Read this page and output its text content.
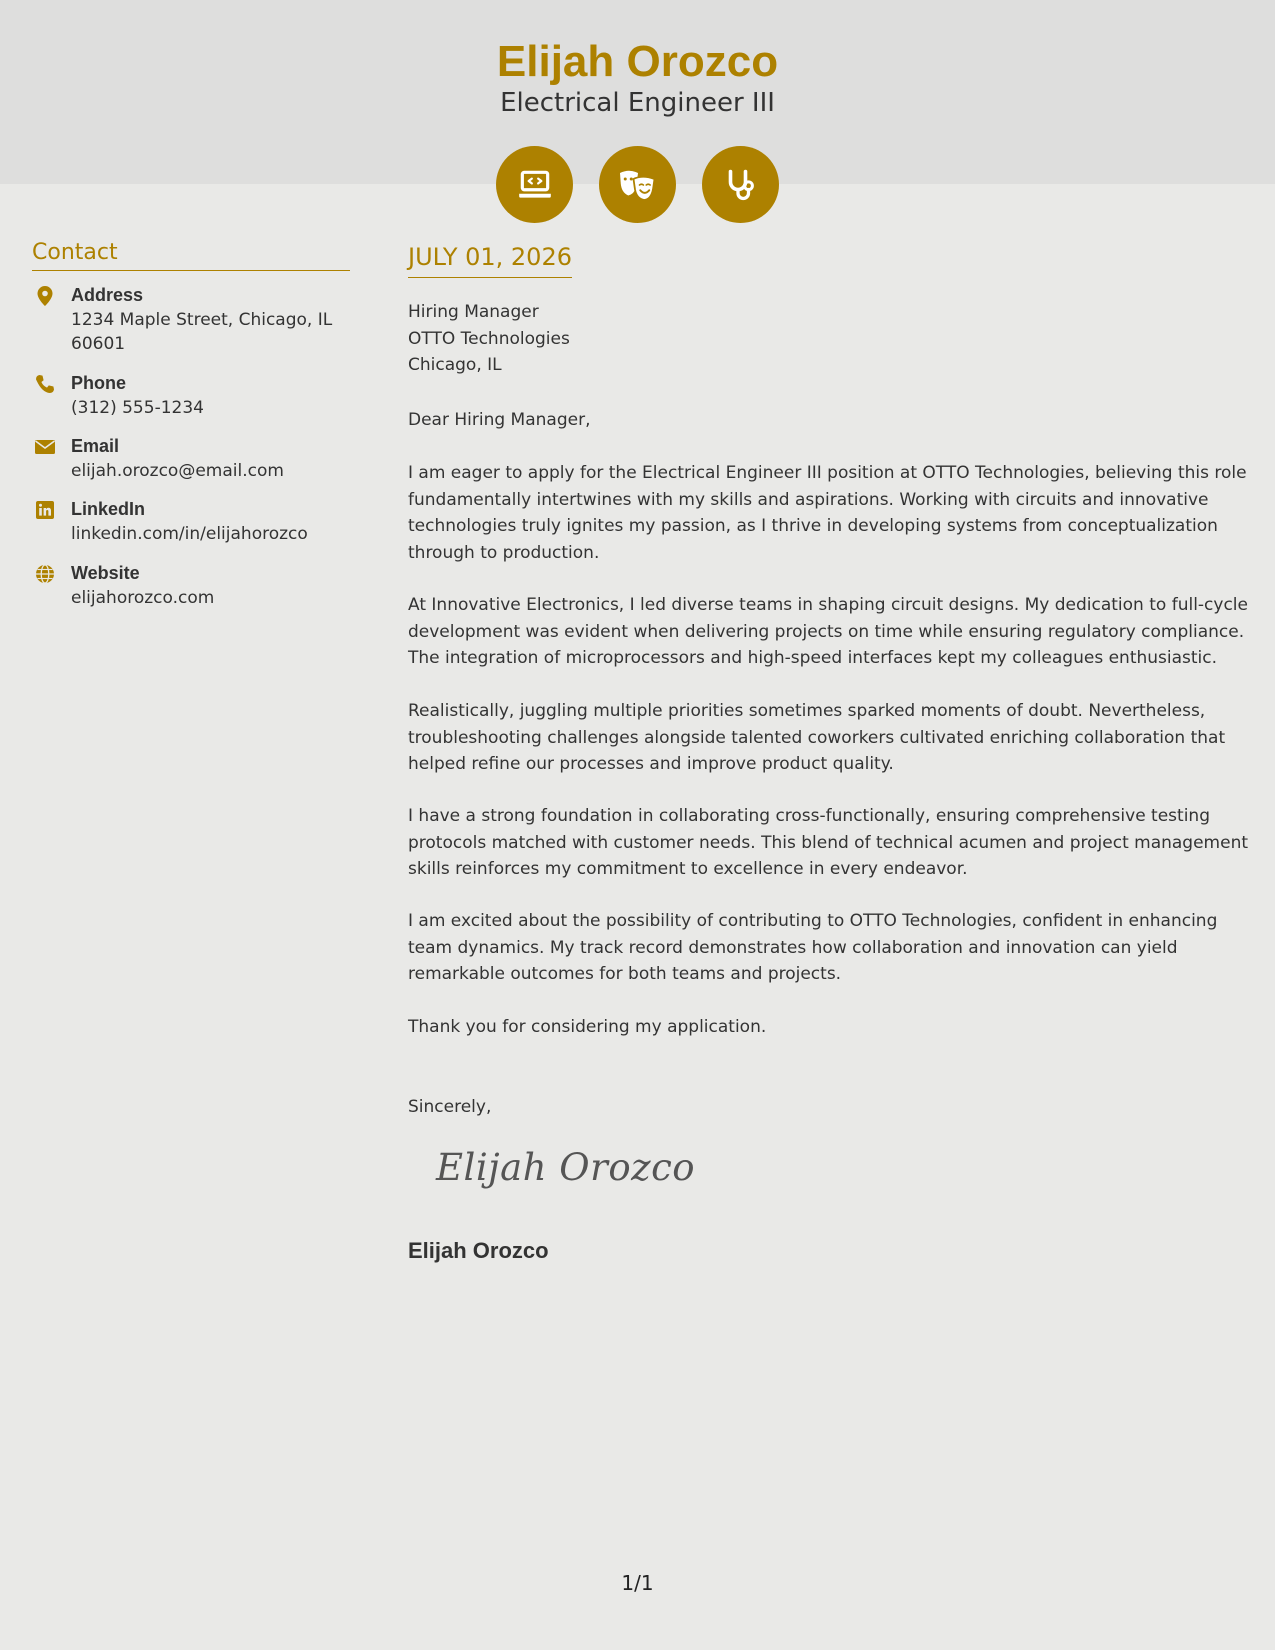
Elijah Orozco
Electrical Engineer III
Contact
Address
1234 Maple Street, Chicago, IL 60601
Phone
(312) 555-1234
Email
elijah.orozco@email.com
LinkedIn
linkedin.com/in/elijahorozco
Website
elijahorozco.com
JULY 01, 2026
Hiring Manager
OTTO Technologies
Chicago, IL

Dear Hiring Manager,

I am eager to apply for the Electrical Engineer III position at OTTO Technologies, believing this role fundamentally intertwines with my skills and aspirations. Working with circuits and innovative technologies truly ignites my passion, as I thrive in developing systems from conceptualization through to production.

At Innovative Electronics, I led diverse teams in shaping circuit designs. My dedication to full-cycle development was evident when delivering projects on time while ensuring regulatory compliance. The integration of microprocessors and high-speed interfaces kept my colleagues enthusiastic.

Realistically, juggling multiple priorities sometimes sparked moments of doubt. Nevertheless, troubleshooting challenges alongside talented coworkers cultivated enriching collaboration that helped refine our processes and improve product quality.

I have a strong foundation in collaborating cross-functionally, ensuring comprehensive testing protocols matched with customer needs. This blend of technical acumen and project management skills reinforces my commitment to excellence in every endeavor.

I am excited about the possibility of contributing to OTTO Technologies, confident in enhancing team dynamics. My track record demonstrates how collaboration and innovation can yield remarkable outcomes for both teams and projects.

Thank you for considering my application.

Sincerely,

Elijah Orozco

Elijah Orozco

1/1
